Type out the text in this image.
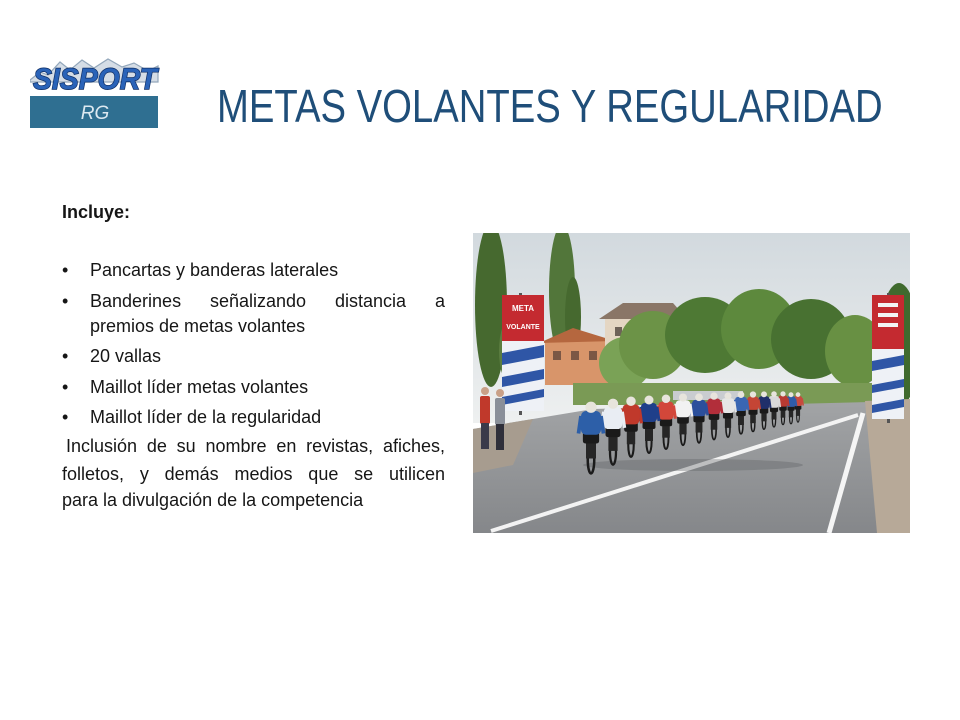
SISPORT
RG METAS VOLANTES Y REGULARIDAD
Incluye:
• Pancartas y banderas laterales
• Banderines señalizando distancia a
premios de metas volantes
• 20 vallas
• Maillot líder metas volantes
• Maillot líder de la regularidad
Inclusión de su nombre en revistas, afiches,
folletos, y demás medios que se utilicen
para la divulgación de la competencia
META
VOLANTE
